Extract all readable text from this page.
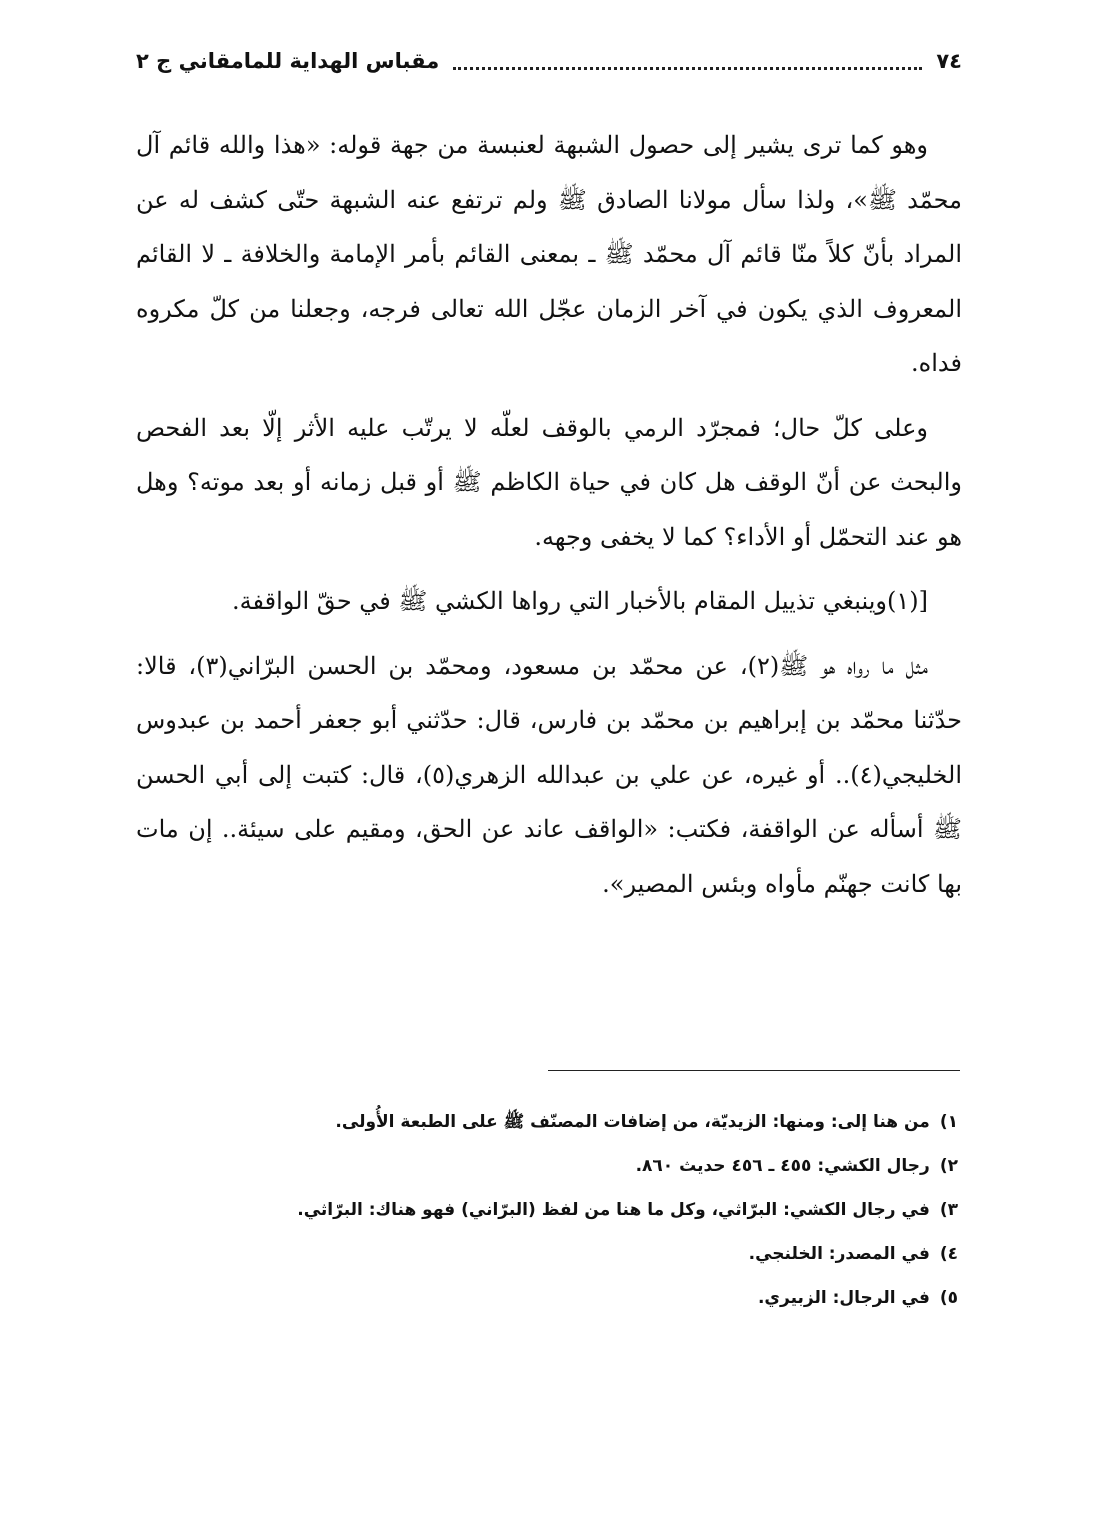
٧٤
مقباس الهداية للمامقاني ج ٢

وهو كما ترى يشير إلى حصول الشبهة لعنبسة من جهة قوله: «هذا والله قائم آل محمّد ﷺ»، ولذا سأل مولانا الصادق ﷺ ولم ترتفع عنه الشبهة حتّى كشف له عن المراد بأنّ كلاً منّا قائم آل محمّد ﷺ ـ بمعنى القائم بأمر الإمامة والخلافة ـ لا القائم المعروف الذي يكون في آخر الزمان عجّل الله تعالى فرجه، وجعلنا من كلّ مكروه فداه.

وعلى كلّ حال؛ فمجرّد الرمي بالوقف لعلّه لا يرتّب عليه الأثر إلّا بعد الفحص والبحث عن أنّ الوقف هل كان في حياة الكاظم ﷺ أو قبل زمانه أو بعد موته؟ وهل هو عند التحمّل أو الأداء؟ كما لا يخفى وجهه.

[(١)وينبغي تذييل المقام بالأخبار التي رواها الكشي ﷺ في حقّ الواقفة.

مثل ما رواه هو ﷺ(٢)، عن محمّد بن مسعود، ومحمّد بن الحسن البرّاني(٣)، قالا: حدّثنا محمّد بن إبراهيم بن محمّد بن فارس، قال: حدّثني أبو جعفر أحمد بن عبدوس الخليجي(٤).. أو غيره، عن علي بن عبدالله الزهري(٥)، قال: كتبت إلى أبي الحسن ﷺ أسأله عن الواقفة، فكتب: «الواقف عاند عن الحق، ومقيم على سيئة.. إن مات بها كانت جهنّم مأواه وبئس المصير».

١)
من هنا إلى: ومنها: الزيديّة، من إضافات المصنّف ﷺ على الطبعة الأُولى.
٢)
رجال الكشي: ٤٥٥ ـ ٤٥٦ حديث ٨٦٠.
٣)
في رجال الكشي: البرّاثي، وكل ما هنا من لفظ (البرّاني) فهو هناك: البرّاثي.
٤)
في المصدر: الخلنجي.
٥)
في الرجال: الزبيري.
